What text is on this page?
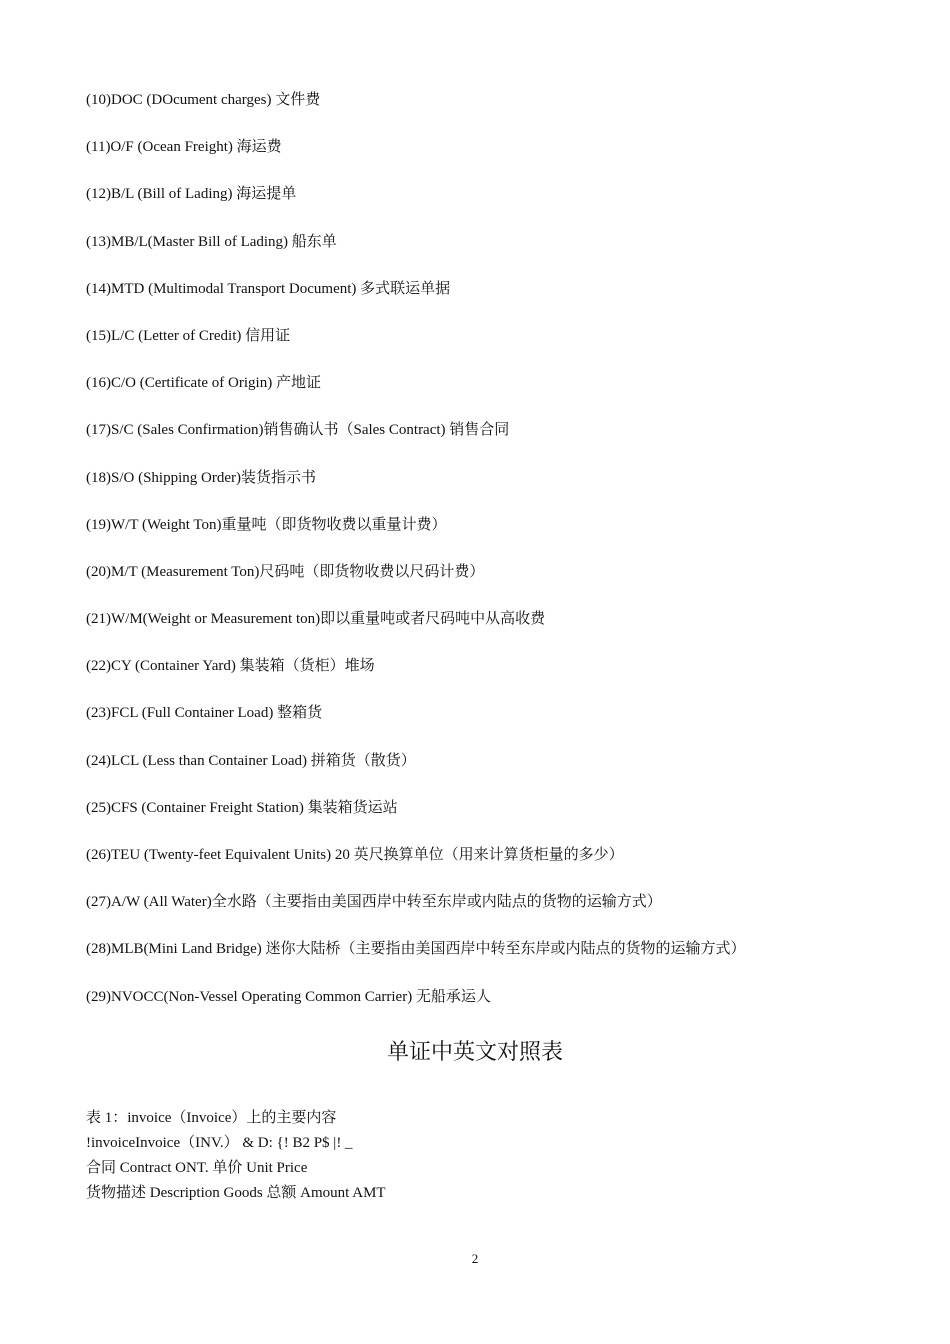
(10)DOC (DOcument charges) 文件费
(11)O/F (Ocean Freight) 海运费
(12)B/L (Bill of Lading) 海运提单
(13)MB/L(Master Bill of Lading) 船东单
(14)MTD (Multimodal Transport Document) 多式联运单据
(15)L/C (Letter of Credit) 信用证
(16)C/O (Certificate of Origin) 产地证
(17)S/C (Sales Confirmation)销售确认书（Sales Contract) 销售合同
(18)S/O (Shipping Order)装货指示书
(19)W/T (Weight Ton)重量吨（即货物收费以重量计费）
(20)M/T (Measurement Ton)尺码吨（即货物收费以尺码计费）
(21)W/M(Weight or Measurement ton)即以重量吨或者尺码吨中从高收费
(22)CY (Container Yard) 集装箱（货柜）堆场
(23)FCL (Full Container Load) 整箱货
(24)LCL (Less than Container Load) 拼箱货（散货）
(25)CFS (Container Freight Station) 集装箱货运站
(26)TEU (Twenty-feet Equivalent Units) 20 英尺换算单位（用来计算货柜量的多少）
(27)A/W (All Water)全水路（主要指由美国西岸中转至东岸或内陆点的货物的运输方式）
(28)MLB(Mini Land Bridge) 迷你大陆桥（主要指由美国西岸中转至东岸或内陆点的货物的运输方式）
(29)NVOCC(Non-Vessel Operating Common Carrier) 无船承运人
单证中英文对照表
表 1：invoice（Invoice）上的主要内容
!invoiceInvoice（INV.） & D: {! B2 P$ |! _
合同 Contract ONT. 单价 Unit Price
货物描述 Description Goods 总额 Amount AMT
2
